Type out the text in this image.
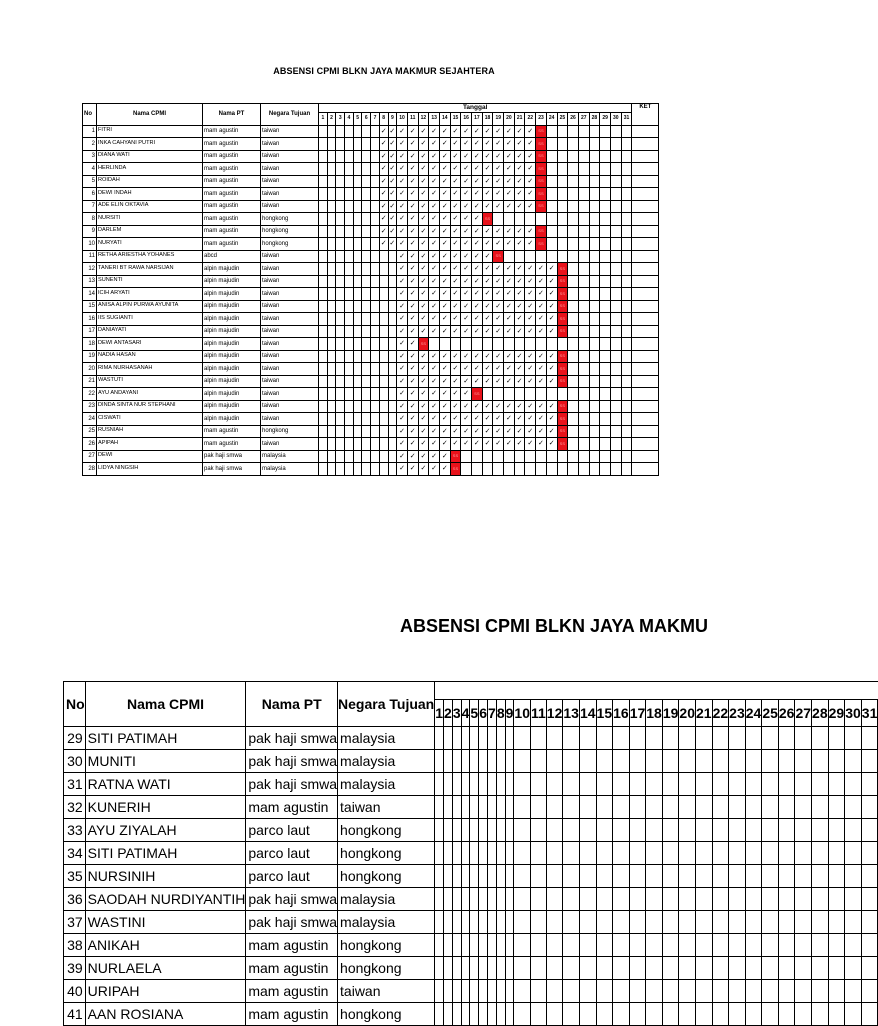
ABSENSI CPMI BLKN JAYA MAKMUR SEJAHTERA
No	Nama CPMI	Nama PT	Negara Tujuan	Tanggal																															KET
				1	2	3	4	5	6	7	8	9	10	11	12	13	14	15	16	17	18	19	20	21	22	23	24	25	26	27	28	29	30	31	
1	FITRI	mam agustin	taiwan								✓	✓	✓	✓	✓	✓	✓	✓	✓	✓	✓	✓	✓	✓	✓	SS									
2	INKA CAHYANI PUTRI	mam agustin	taiwan								✓	✓	✓	✓	✓	✓	✓	✓	✓	✓	✓	✓	✓	✓	✓	SS									
3	DIANA WATI	mam agustin	taiwan								✓	✓	✓	✓	✓	✓	✓	✓	✓	✓	✓	✓	✓	✓	✓	SS									
4	HERLINDA	mam agustin	taiwan								✓	✓	✓	✓	✓	✓	✓	✓	✓	✓	✓	✓	✓	✓	✓	SS									
5	ROIDAH	mam agustin	taiwan								✓	✓	✓	✓	✓	✓	✓	✓	✓	✓	✓	✓	✓	✓	✓	SS									
6	DEWI INDAH	mam agustin	taiwan								✓	✓	✓	✓	✓	✓	✓	✓	✓	✓	✓	✓	✓	✓	✓	SS									
7	ADE ELIN OKTAVIA	mam agustin	taiwan								✓	✓	✓	✓	✓	✓	✓	✓	✓	✓	✓	✓	✓	✓	✓	SS									
8	NURSITI	mam agustin	hongkong								✓	✓	✓	✓	✓	✓	✓	✓	✓	✓	SS														
9	DARLEM	mam agustin	hongkong								✓	✓	✓	✓	✓	✓	✓	✓	✓	✓	✓	✓	✓	✓	✓	SS									
10	NURYATI	mam agustin	hongkong								✓	✓	✓	✓	✓	✓	✓	✓	✓	✓	✓	✓	✓	✓	✓	SS									
11	RETHA ARIESTHA YOHANES	abcd	taiwan										✓	✓	✓	✓	✓	✓	✓	✓	✓	SS													
12	TANERI BT RAWA NARSIJAN	alpin majudin	taiwan										✓	✓	✓	✓	✓	✓	✓	✓	✓	✓	✓	✓	✓	✓	✓	SS							
13	SUNENTI	alpin majudin	taiwan										✓	✓	✓	✓	✓	✓	✓	✓	✓	✓	✓	✓	✓	✓	✓	SS							
14	ICIH ARYATI	alpin majudin	taiwan										✓	✓	✓	✓	✓	✓	✓	✓	✓	✓	✓	✓	✓	✓	✓	SS							
15	ANISA ALPIN PURWA AYUNITA	alpin majudin	taiwan										✓	✓	✓	✓	✓	✓	✓	✓	✓	✓	✓	✓	✓	✓	✓	SS							
16	IIS SUGIANTI	alpin majudin	taiwan										✓	✓	✓	✓	✓	✓	✓	✓	✓	✓	✓	✓	✓	✓	✓	SS							
17	DANIAYATI	alpin majudin	taiwan										✓	✓	✓	✓	✓	✓	✓	✓	✓	✓	✓	✓	✓	✓	✓	SS							
18	DEWI ANTASARI	alpin majudin	taiwan										✓	✓	SS																				
19	NADIA HASAN	alpin majudin	taiwan										✓	✓	✓	✓	✓	✓	✓	✓	✓	✓	✓	✓	✓	✓	✓	SS							
20	RIMA NURHASANAH	alpin majudin	taiwan										✓	✓	✓	✓	✓	✓	✓	✓	✓	✓	✓	✓	✓	✓	✓	SS							
21	WASTUTI	alpin majudin	taiwan										✓	✓	✓	✓	✓	✓	✓	✓	✓	✓	✓	✓	✓	✓	✓	SS							
22	AYU ANDAYANI	alpin majudin	taiwan										✓	✓	✓	✓	✓	✓	✓	SS															
23	DINDA SINTA NUR STEPHANI	alpin majudin	taiwan										✓	✓	✓	✓	✓	✓	✓	✓	✓	✓	✓	✓	✓	✓	✓	SS							
24	CISWATI	alpin majudin	taiwan										✓	✓	✓	✓	✓	✓	✓	✓	✓	✓	✓	✓	✓	✓	✓	SS							
25	RUSNIAH	mam agustin	hongkong										✓	✓	✓	✓	✓	✓	✓	✓	✓	✓	✓	✓	✓	✓	✓	SS							
26	APIPAH	mam agustin	taiwan										✓	✓	✓	✓	✓	✓	✓	✓	✓	✓	✓	✓	✓	✓	✓	SS							
27	DEWI	pak haji smwa	malaysia										✓	✓	✓	✓	✓	SS																	
28	LIDYA NINGSIH	pak haji smwa	malaysia										✓	✓	✓	✓	✓	SS																	
ABSENSI CPMI BLKN JAYA MAKMU
No	Nama CPMI	Nama PT	Negara Tujuan																															
				1	2	3	4	5	6	7	8	9	10	11	12	13	14	15	16	17	18	19	20	21	22	23	24	25	26	27	28	29	30	31
29	SITI PATIMAH	pak haji smwa	malaysia																															
30	MUNITI	pak haji smwa	malaysia																															
31	RATNA WATI	pak haji smwa	malaysia																															
32	KUNERIH	mam agustin	taiwan																															
33	AYU ZIYALAH	parco laut	hongkong																															
34	SITI PATIMAH	parco laut	hongkong																															
35	NURSINIH	parco laut	hongkong																															
36	SAODAH NURDIYANTIH	pak haji smwa	malaysia																															
37	WASTINI	pak haji smwa	malaysia																															
38	ANIKAH	mam agustin	hongkong																															
39	NURLAELA	mam agustin	hongkong																															
40	URIPAH	mam agustin	taiwan																															
41	AAN ROSIANA	mam agustin	hongkong																															
